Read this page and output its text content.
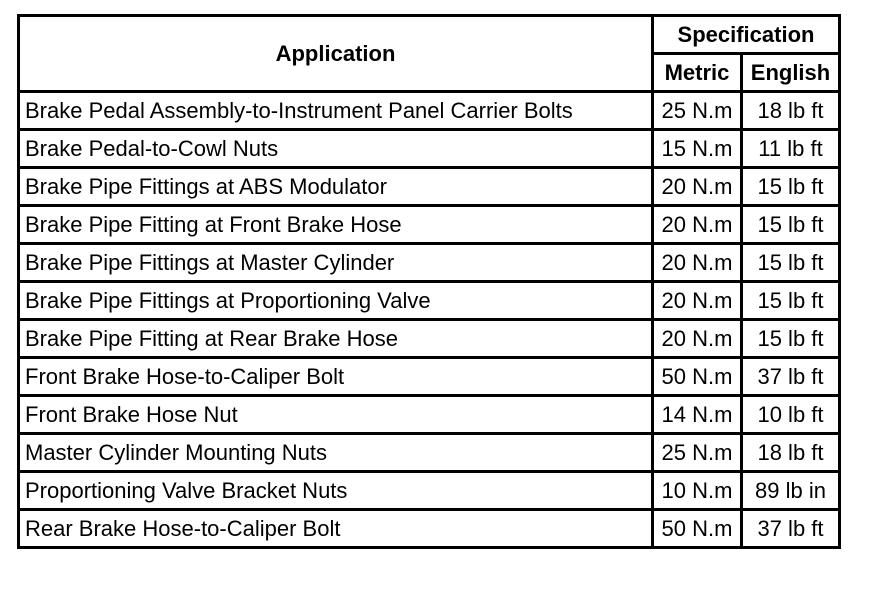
Application	Specification	
	Metric	English
Brake Pedal Assembly-to-Instrument Panel Carrier Bolts	25 N.m	18 lb ft
Brake Pedal-to-Cowl Nuts	15 N.m	11 lb ft
Brake Pipe Fittings at ABS Modulator	20 N.m	15 lb ft
Brake Pipe Fitting at Front Brake Hose	20 N.m	15 lb ft
Brake Pipe Fittings at Master Cylinder	20 N.m	15 lb ft
Brake Pipe Fittings at Proportioning Valve	20 N.m	15 lb ft
Brake Pipe Fitting at Rear Brake Hose	20 N.m	15 lb ft
Front Brake Hose-to-Caliper Bolt	50 N.m	37 lb ft
Front Brake Hose Nut	14 N.m	10 lb ft
Master Cylinder Mounting Nuts	25 N.m	18 lb ft
Proportioning Valve Bracket Nuts	10 N.m	89 lb in
Rear Brake Hose-to-Caliper Bolt	50 N.m	37 lb ft
